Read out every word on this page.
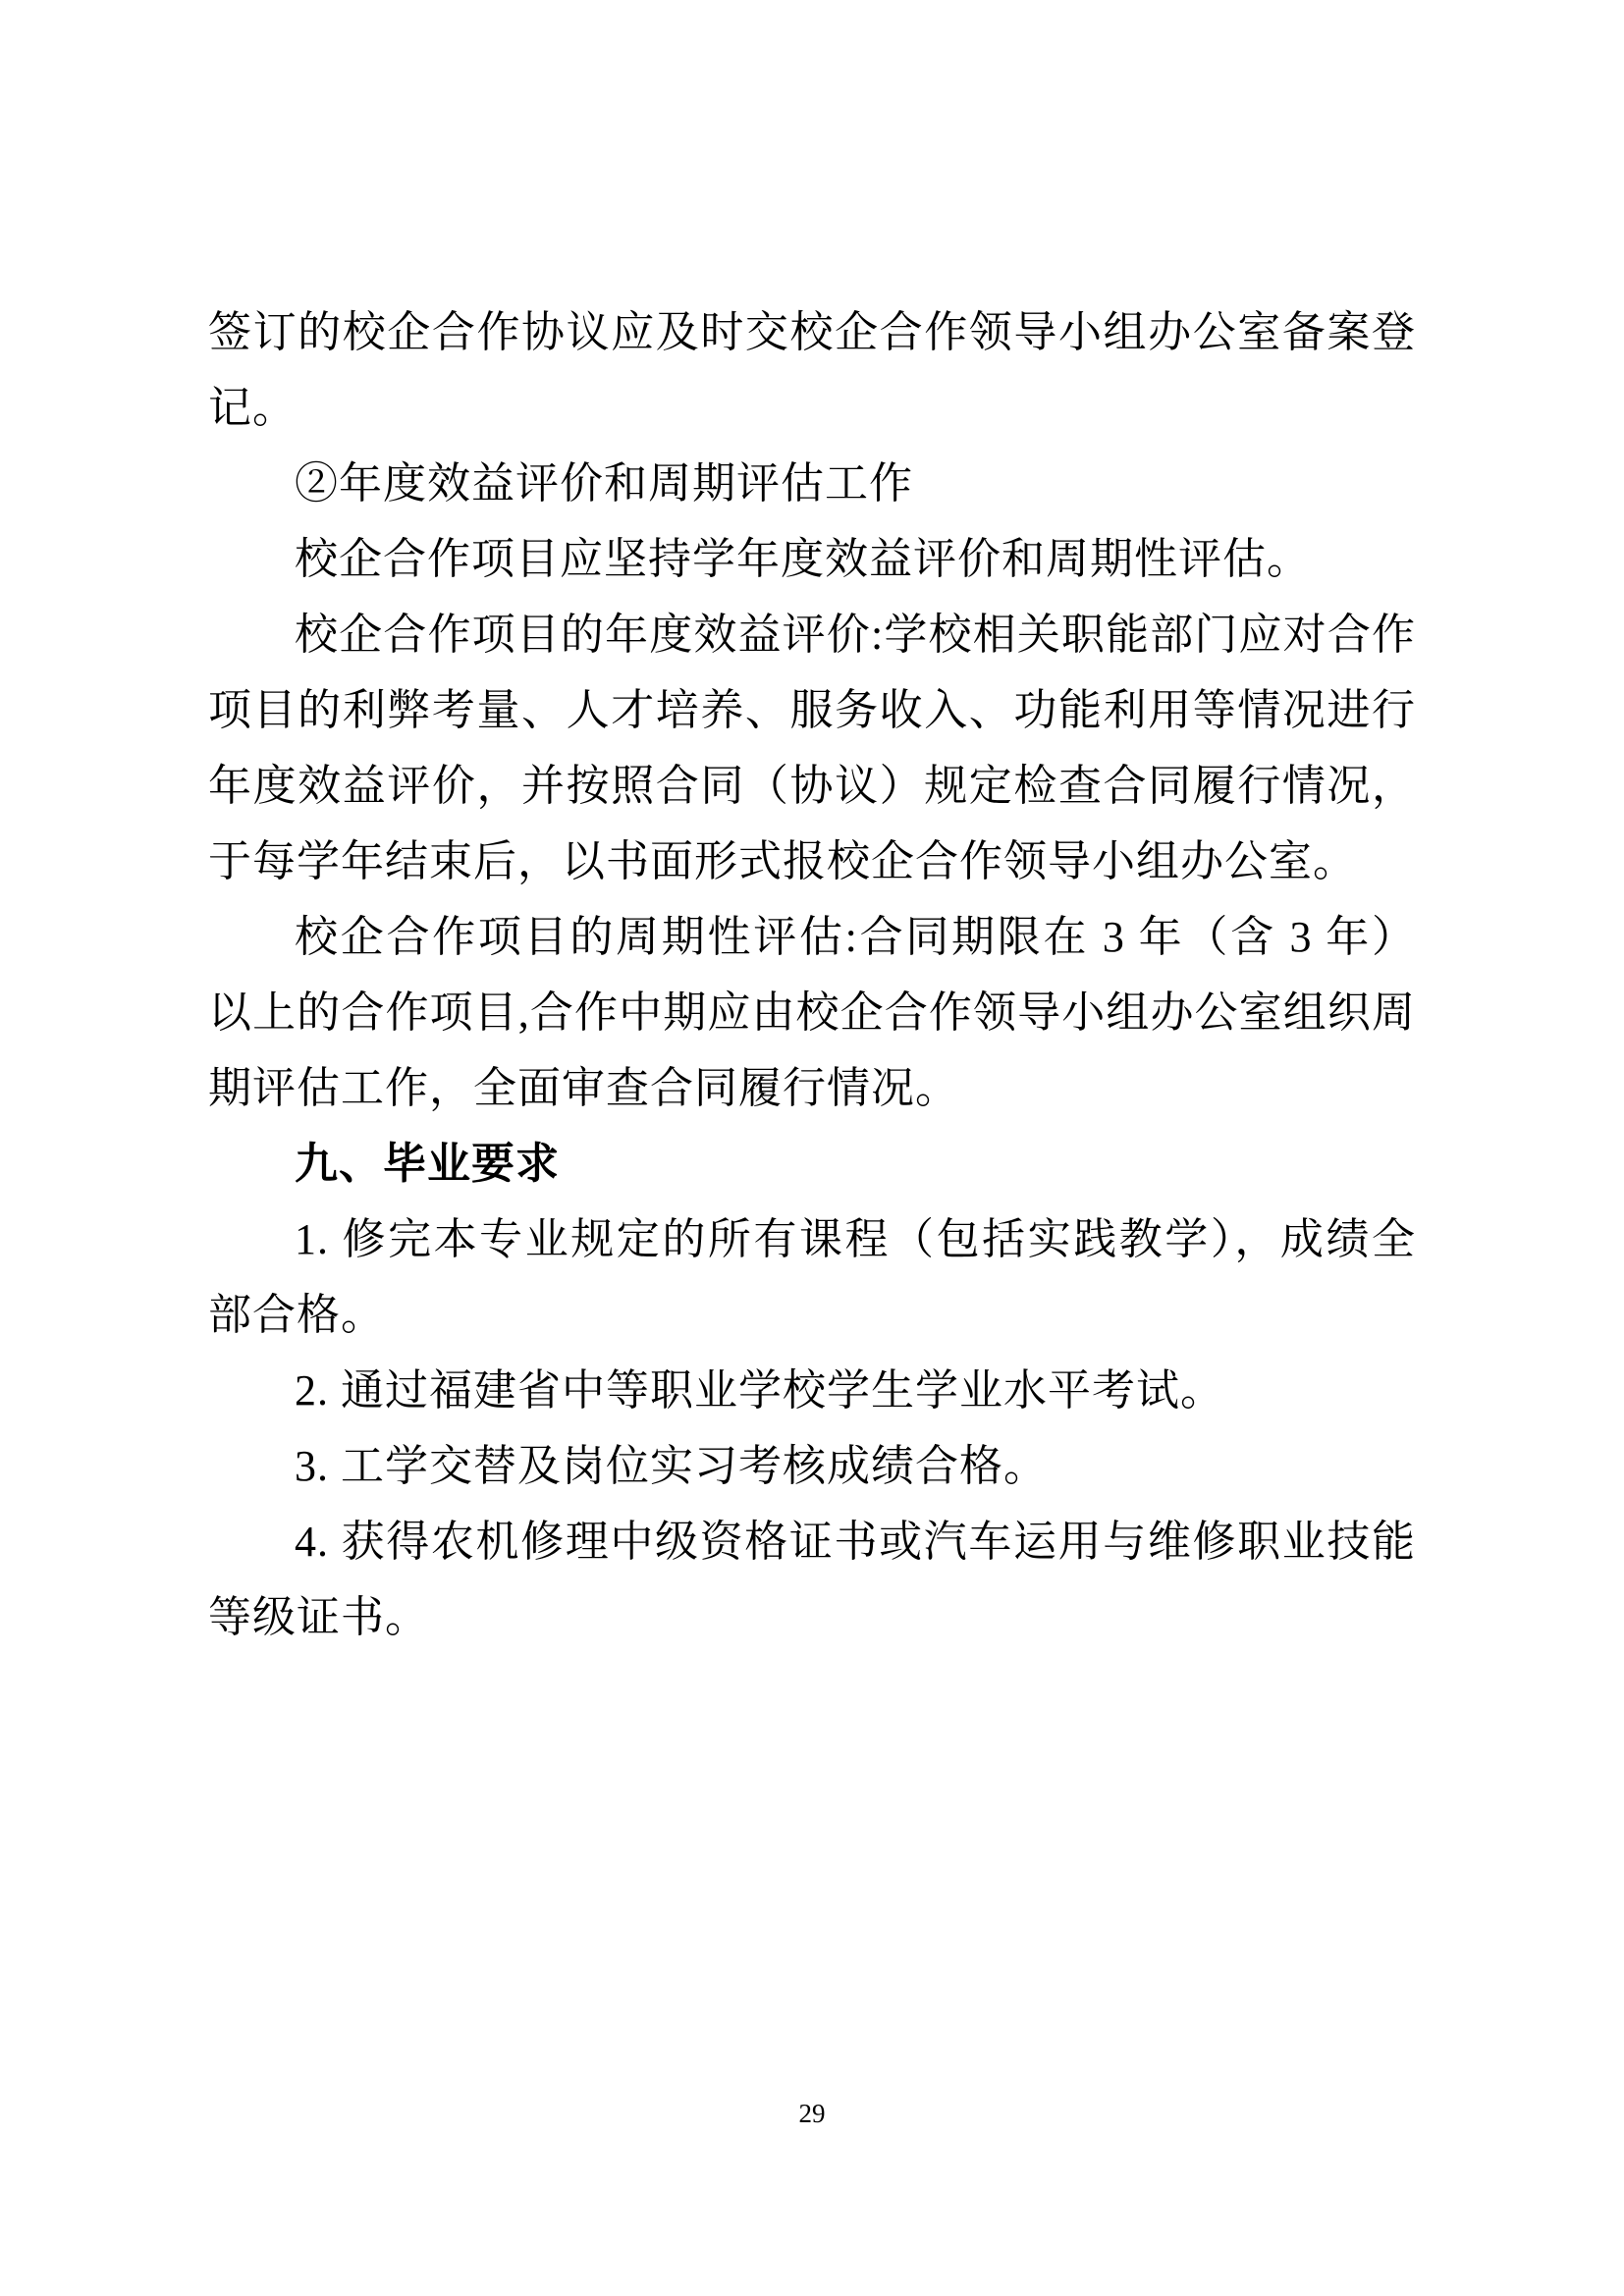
签订的校企合作协议应及时交校企合作领导小组办公室备案登记。

②年度效益评价和周期评估工作

校企合作项目应坚持学年度效益评价和周期性评估。

校企合作项目的年度效益评价:学校相关职能部门应对合作项目的利弊考量、人才培养、服务收入、功能利用等情况进行年度效益评价，并按照合同（协议）规定检查合同履行情况，于每学年结束后，以书面形式报校企合作领导小组办公室。

校企合作项目的周期性评估:合同期限在 3 年（含 3 年）以上的合作项目,合作中期应由校企合作领导小组办公室组织周期评估工作，全面审查合同履行情况。

九、毕业要求

1. 修完本专业规定的所有课程（包括实践教学），成绩全部合格。

2. 通过福建省中等职业学校学生学业水平考试。

3. 工学交替及岗位实习考核成绩合格。

4. 获得农机修理中级资格证书或汽车运用与维修职业技能等级证书。

29
